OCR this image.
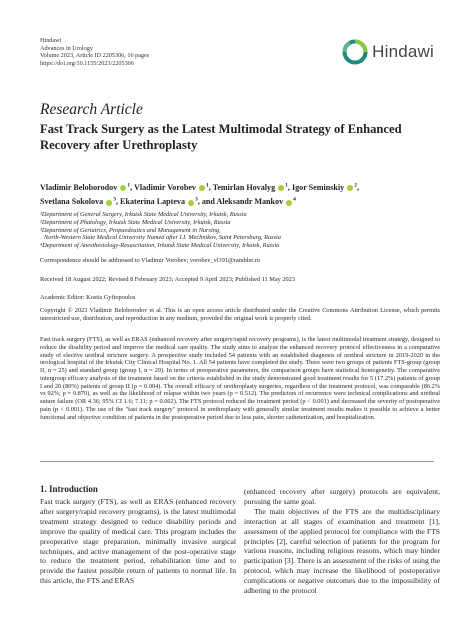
Hindawi
Advances in Urology
Volume 2023, Article ID 2205306, 16 pages
https://doi.org/10.1155/2023/2205306
Hindawi
Research Article
Fast Track Surgery as the Latest Multimodal Strategy of Enhanced Recovery after Urethroplasty
Vladimir Beloborodov $^1$, Vladimir Vorobev $^1$, Temirlan Hovalyg $^1$, Igor Seminskiy $^2$,
Svetlana Sokolova $^3$, Ekaterina Lapteva $^3$, and Aleksandr Mankov $^4$
¹Department of General Surgery, Irkutsk State Medical University, Irkutsk, Russia
²Department of Phatology, Irkutsk State Medical University, Irkutsk, Russia
³Department of Geriatrics, Propaedeutics and Management in Nursing,
North-Western State Medical University Named after I.I. Mechnikov, Saint Petersburg, Russia
⁴Department of Anesthesiology-Resuscitation, Irkutsk State Medical University, Irkutsk, Russia
Correspondence should be addressed to Vladimir Vorobev; vorobev_vl391@rambler.ru
Received 18 August 2022; Revised 8 February 2023; Accepted 9 April 2023; Published 11 May 2023
Academic Editor: Kostis Gyftopoulos
Copyright © 2023 Vladimir Beloborodov et al. This is an open access article distributed under the Creative Commons Attribution License, which permits unrestricted use, distribution, and reproduction in any medium, provided the original work is properly cited.
Fast track surgery (FTS), as well as ERAS (enhanced recovery after surgery/rapid recovery programs), is the latest multimodal treatment strategy, designed to reduce the disability period and improve the medical care quality. The study aims to analyze the enhanced recovery protocol effectiveness in a comparative study of elective urethral stricture surgery. A prospective study included 54 patients with an established diagnosis of urethral stricture in 2019-2020 in the urological hospital of the Irkutsk City Clinical Hospital No. 1. All 54 patients have completed the study. There were two groups of patients FTS-group (group II, n = 25) and standard group (group I, n = 29). In terms of preoperative parameters, the comparison groups have statistical homogeneity. The comparative intergroup efficacy analysis of the treatment based on the criteria established in the study demonstrated good treatment results for 5 (17.2%) patients of group I and 20 (80%) patients of group II (p = 0.004). The overall efficacy of urethroplasty surgeries, regardless of the treatment protocol, was comparable (86.2% vs 92%; p = 0.870), as well as the likelihood of relapse within two years (p = 0.512). The predictors of recurrence were technical complications and urethral suture failure (OR 4.36; 95% CI 1.6; 7.11; p = 0.002). The FTS protocol reduced the treatment period (p < 0.001) and decreased the severity of postoperative pain (p < 0.001). The use of the "fast track surgery" protocol in urethroplasty with generally similar treatment results makes it possible to achieve a better functional and objective condition of patients in the postoperative period due to less pain, shorter catheterization, and hospitalization.
1. Introduction

Fast track surgery (FTS), as well as ERAS (enhanced recovery after surgery/rapid recovery programs), is the latest multimodal treatment strategy designed to reduce disability periods and improve the quality of medical care. This program includes the preoperative stage preparation, minimally invasive surgical techniques, and active management of the post-operative stage to reduce the treatment period, rehabilitation time and to provide the fastest possible return of patients to normal life. In this article, the FTS and ERAS

(enhanced recovery after surgery) protocols are equivalent, pursuing the same goal.

The main objectives of the FTS are the multidisciplinary interaction at all stages of examination and treatment [1], assessment of the applied protocol for compliance with the FTS principles [2], careful selection of patients for the program for various reasons, including religious reasons, which may hinder participation [3]. There is an assessment of the risks of using the protocol, which may increase the likelihood of postoperative complications or negative outcomes due to the impossibility of adhering to the protocol
